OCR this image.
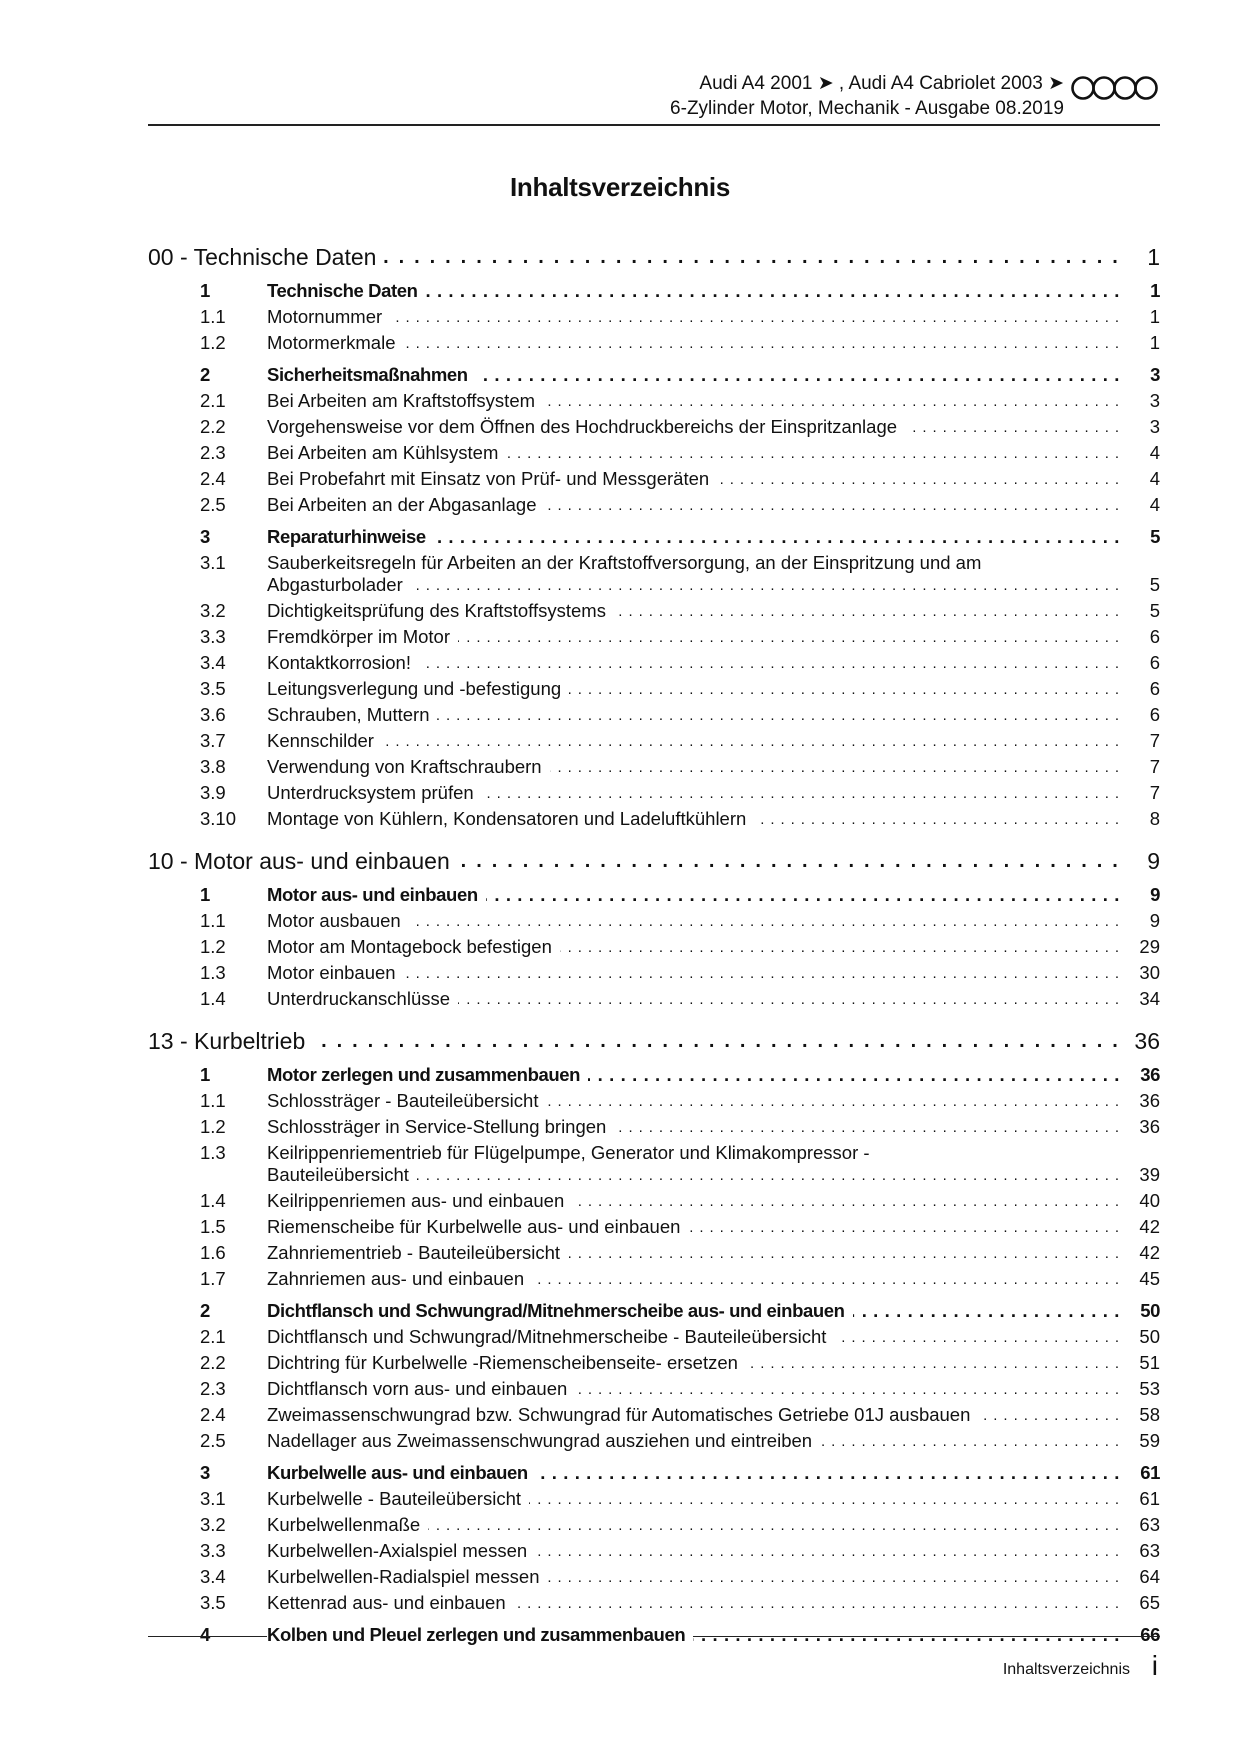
Audi A4 2001 ➤ , Audi A4 Cabriolet 2003 ➤
6-Zylinder Motor, Mechanik - Ausgabe 08.2019
Inhaltsverzeichnis
00 - Technische Daten . . .	1
1	Technische Daten . . .	1
1.1 Motornummer . . .	1
1.2 Motormerkmale . . .	1
2	Sicherheitsmaßnahmen . . .	3
2.1 Bei Arbeiten am Kraftstoffsystem . . .	3
2.2 Vorgehensweise vor dem Öffnen des Hochdruckbereichs der Einspritzanlage . . .	3
2.3 Bei Arbeiten am Kühlsystem . . .	4
2.4 Bei Probefahrt mit Einsatz von Prüf- und Messgeräten . . .	4
2.5 Bei Arbeiten an der Abgasanlage . . .	4
3	Reparaturhinweise . . .	5
3.1 Sauberkeitsregeln für Arbeiten an der Kraftstoffversorgung, an der Einspritzung und am
Abgasturbolader . . .	5
3.2 Dichtigkeitsprüfung des Kraftstoffsystems . . .	5
3.3 Fremdkörper im Motor . . .	6
3.4 Kontaktkorrosion! . . .	6
3.5 Leitungsverlegung und -befestigung . . .	6
3.6 Schrauben, Muttern . . .	6
3.7 Kennschilder . . .	7
3.8 Verwendung von Kraftschraubern . . .	7
3.9 Unterdrucksystem prüfen . . .	7
3.10 Montage von Kühlern, Kondensatoren und Ladeluftkühlern . . .	8
10 - Motor aus- und einbauen . . .	9
1	Motor aus- und einbauen . . .	9
1.1 Motor ausbauen . . .	9
1.2 Motor am Montagebock befestigen . . .	29
1.3 Motor einbauen . . .	30
1.4 Unterdruckanschlüsse . . .	34
13 - Kurbeltrieb . . .	36
1	Motor zerlegen und zusammenbauen . . .	36
1.1 Schlossträger - Bauteileübersicht . . .	36
1.2 Schlossträger in Service-Stellung bringen . . .	36
1.3 Keilrippenriementrieb für Flügelpumpe, Generator und Klimakompressor -
Bauteileübersicht . . .	39
1.4 Keilrippenriemen aus- und einbauen . . .	40
1.5 Riemenscheibe für Kurbelwelle aus- und einbauen . . .	42
1.6 Zahnriementrieb - Bauteileübersicht . . .	42
1.7 Zahnriemen aus- und einbauen . . .	45
2	Dichtflansch und Schwungrad/Mitnehmerscheibe aus- und einbauen . . .	50
2.1 Dichtflansch und Schwungrad/Mitnehmerscheibe - Bauteileübersicht . . .	50
2.2 Dichtring für Kurbelwelle -Riemenscheibenseite- ersetzen . . .	51
2.3 Dichtflansch vorn aus- und einbauen . . .	53
2.4 Zweimassenschwungrad bzw. Schwungrad für Automatisches Getriebe 01J ausbauen . . .	58
2.5 Nadellager aus Zweimassenschwungrad ausziehen und eintreiben . . .	59
3	Kurbelwelle aus- und einbauen . . .	61
3.1 Kurbelwelle - Bauteileübersicht . . .	61
3.2 Kurbelwellenmaße . . .	63
3.3 Kurbelwellen-Axialspiel messen . . .	63
3.4 Kurbelwellen-Radialspiel messen . . .	64
3.5 Kettenrad aus- und einbauen . . .	65
4	Kolben und Pleuel zerlegen und zusammenbauen . . .	66
Inhaltsverzeichnis i
